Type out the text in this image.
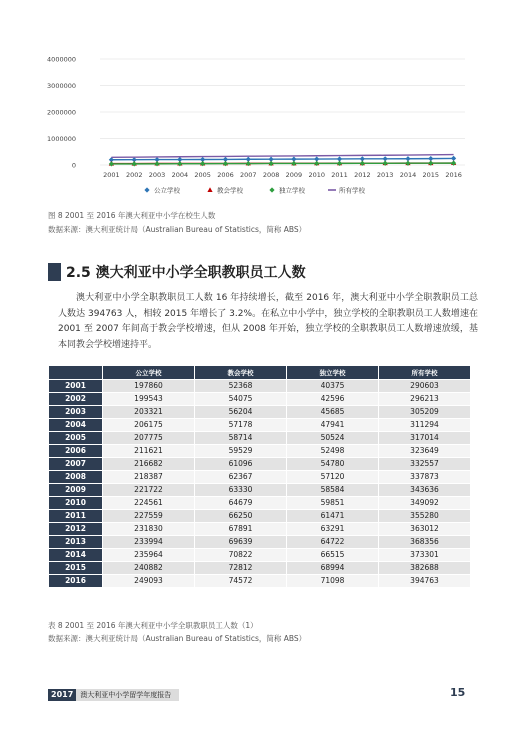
4000000
3000000
2000000
1000000
0
2001 2002 2003 2004 2005 2006 2007 2008 2009 2010 2011 2012 2013 2014 2015 2016
公立学校	教会学校	独立学校	所有学校
图 8 2001 至 2016 年澳大利亚中小学在校生人数
数据来源：澳大利亚统计局（Australian Bureau of Statistics，简称 ABS）
2.5 澳大利亚中小学全职教职员工人数

澳大利亚中小学全职教职员工人数 16 年持续增长，截至 2016 年，澳大利亚中小学全职教职员工总人数达 394763 人，相较 2015 年增长了 3.2%。在私立中小学中，独立学校的全职教职员工人数增速在 2001 至 2007 年间高于教会学校增速，但从 2008 年开始，独立学校的全职教职员工人数增速放缓，基本同教会学校增速持平。

	公立学校	教会学校	独立学校	所有学校
2001	197860	52368	40375	290603
2002	199543	54075	42596	296213
2003	203321	56204	45685	305209
2004	206175	57178	47941	311294
2005	207775	58714	50524	317014
2006	211621	59529	52498	323649
2007	216682	61096	54780	332557
2008	218387	62367	57120	337873
2009	221722	63330	58584	343636
2010	224561	64679	59851	349092
2011	227559	66250	61471	355280
2012	231830	67891	63291	363012
2013	233994	69639	64722	368356
2014	235964	70822	66515	373301
2015	240882	72812	68994	382688
2016	249093	74572	71098	394763
表 8 2001 至 2016 年澳大利亚中小学全职教职员工人数（1）
数据来源：澳大利亚统计局（Australian Bureau of Statistics，简称 ABS）
2017	澳大利亚中小学留学年度报告	15
